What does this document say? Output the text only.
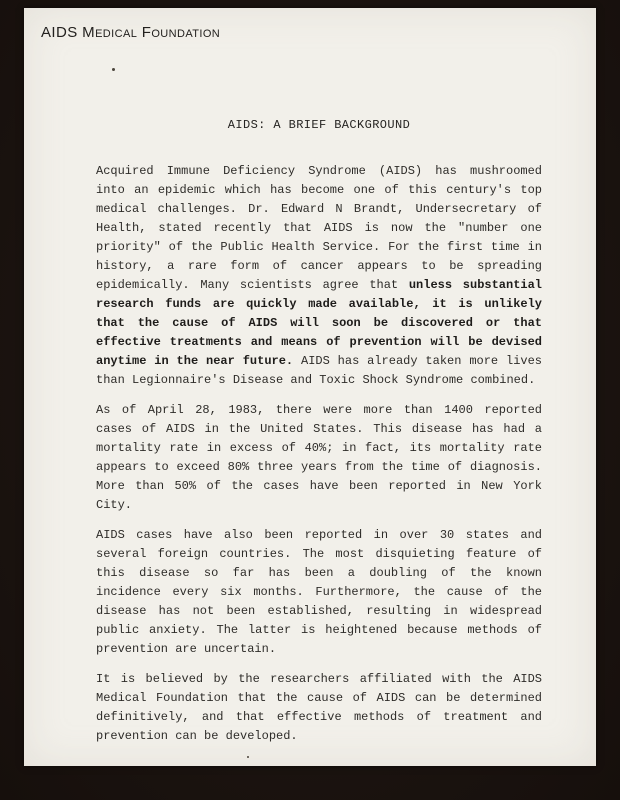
AIDS Medical Foundation
AIDS: A BRIEF BACKGROUND

Acquired Immune Deficiency Syndrome (AIDS) has mushroomed into an epidemic which has become one of this century's top medical challenges. Dr. Edward N Brandt, Undersecretary of Health, stated recently that AIDS is now the "number one priority" of the Public Health Service. For the first time in history, a rare form of cancer appears to be spreading epidemically. Many scientists agree that unless substantial research funds are quickly made available, it is unlikely that the cause of AIDS will soon be discovered or that effective treatments and means of prevention will be devised anytime in the near future. AIDS has already taken more lives than Legionnaire's Disease and Toxic Shock Syndrome combined.

As of April 28, 1983, there were more than 1400 reported cases of AIDS in the United States. This disease has had a mortality rate in excess of 40%; in fact, its mortality rate appears to exceed 80% three years from the time of diagnosis. More than 50% of the cases have been reported in New York City.

AIDS cases have also been reported in over 30 states and several foreign countries. The most disquieting feature of this disease so far has been a doubling of the known incidence every six months. Furthermore, the cause of the disease has not been established, resulting in widespread public anxiety. The latter is heightened because methods of prevention are uncertain.

It is believed by the researchers affiliated with the AIDS Medical Foundation that the cause of AIDS can be determined definitively, and that effective methods of treatment and prevention can be developed.
